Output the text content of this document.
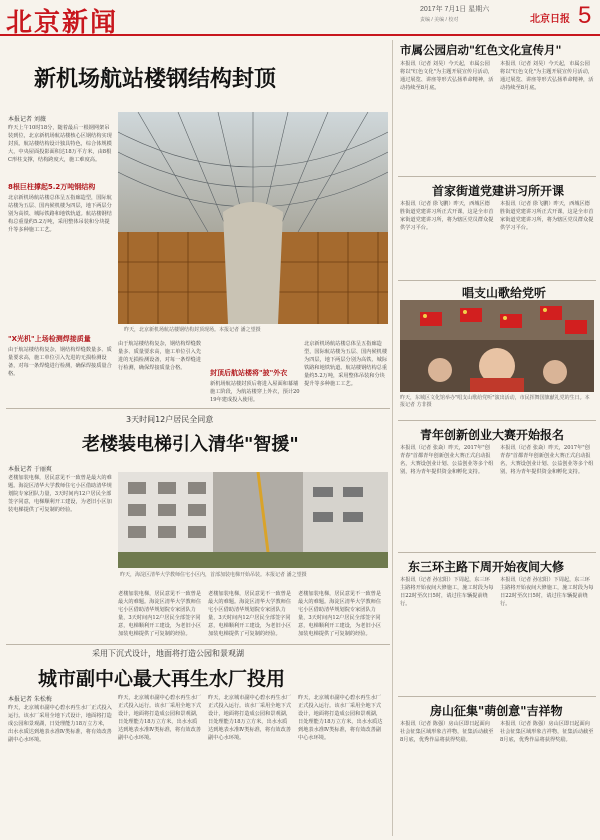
北京新闻	2017年 7月1日 星期六
责编 / 美编 / 校对	北京日报 5
新机场航站楼钢结构封顶
本报记者 刘薇
昨天上午10时18分，随着最后一根钢网架吊装到位，北京新机场航站楼核心区钢结构实现封顶。航站楼结构设计独具特色，综合体规模大，中央屋面投影面积达18万平方米，由8根C形柱支撑，结构跨度大，施工难度高。
8根巨柱撑起5.2万吨钢结构
北京新机场航站楼总体呈五指廊造型，国际航站楼为五层、国内候机楼为四层，地下两层分别为高铁、城际铁路和地铁轨道。航站楼钢结构总重量约5.2万吨，采用整体吊装和分块提升等多种施工工艺。
"X光机"上场检测焊接质量
由于航站楼结构复杂，钢结构焊缝数量多、质量要求高，施工单位引入先进的无损检测设备，对每一条焊缝进行检测，确保焊接质量合格。
昨天，北京新机场航站楼钢结构封顶现场。本报记者 潘之望摄
由于航站楼结构复杂，钢结构焊缝数量多、质量要求高，施工单位引入先进的无损检测设备，对每一条焊缝进行检测，确保焊接质量合格。
封顶后航站楼将"披"外衣
新机场航站楼封顶后将进入屋面和幕墙施工阶段，为航站楼穿上外衣，预计2019年建成投入使用。
北京新机场航站楼总体呈五指廊造型，国际航站楼为五层、国内候机楼为四层，地下两层分别为高铁、城际铁路和地铁轨道。航站楼钢结构总重量约5.2万吨，采用整体吊装和分块提升等多种施工工艺。
3天时间12户居民全同意
老楼装电梯引入清华"智援"
本报记者 于丽爽
老楼加装电梯，居民意见不一致曾是最大的难题。海淀区清华大学教师住宅小区借助清华规划院专家团队力量，3天时间内12户居民全部签字同意，电梯顺利开工建设，为老旧小区加装电梯提供了可复制的经验。
昨天，海淀区清华大学教师住宅小区内，首部加装电梯开始吊装。本报记者 潘之望摄
老楼加装电梯，居民意见不一致曾是最大的难题。海淀区清华大学教师住宅小区借助清华规划院专家团队力量，3天时间内12户居民全部签字同意，电梯顺利开工建设，为老旧小区加装电梯提供了可复制的经验。
老楼加装电梯，居民意见不一致曾是最大的难题。海淀区清华大学教师住宅小区借助清华规划院专家团队力量，3天时间内12户居民全部签字同意，电梯顺利开工建设，为老旧小区加装电梯提供了可复制的经验。
老楼加装电梯，居民意见不一致曾是最大的难题。海淀区清华大学教师住宅小区借助清华规划院专家团队力量，3天时间内12户居民全部签字同意，电梯顺利开工建设，为老旧小区加装电梯提供了可复制的经验。
采用下沉式设计，地面将打造公园和景观湖
城市副中心最大再生水厂投用
本报记者 朱松梅
昨天，北京城市副中心碧水再生水厂正式投入运行。该水厂采用全地下式设计，地面将打造成公园和景观湖，日处理能力18万立方米，出水水质达到地表水准Ⅳ类标准，将有效改善副中心水环境。
昨天，北京城市副中心碧水再生水厂正式投入运行。该水厂采用全地下式设计，地面将打造成公园和景观湖，日处理能力18万立方米，出水水质达到地表水准Ⅳ类标准，将有效改善副中心水环境。
昨天，北京城市副中心碧水再生水厂正式投入运行。该水厂采用全地下式设计，地面将打造成公园和景观湖，日处理能力18万立方米，出水水质达到地表水准Ⅳ类标准，将有效改善副中心水环境。
昨天，北京城市副中心碧水再生水厂正式投入运行。该水厂采用全地下式设计，地面将打造成公园和景观湖，日处理能力18万立方米，出水水质达到地表水准Ⅳ类标准，将有效改善副中心水环境。
市属公园启动"红色文化宣传月"
本报讯（记者 刘昊）今天起，市属公园将以"红色文化"为主题开展宣传月活动，通过展览、讲座等形式弘扬革命精神，活动持续至8月底。
本报讯（记者 刘昊）今天起，市属公园将以"红色文化"为主题开展宣传月活动，通过展览、讲座等形式弘扬革命精神，活动持续至8月底。
首家街道党建讲习所开课
本报讯（记者 徐飞鹏）昨天，西城区德胜街道党建讲习所正式开课，这是全市首家街道党建讲习所，将为辖区党员群众提供学习平台。
本报讯（记者 徐飞鹏）昨天，西城区德胜街道党建讲习所正式开课，这是全市首家街道党建讲习所，将为辖区党员群众提供学习平台。
唱支山歌给党听
昨天，东城区文化馆举办"唱支山歌给党听"演出活动，市民挥舞国旗献礼党的生日。本报记者 方非摄
青年创新创业大赛开始报名
本报讯（记者 张焱）昨天，2017年"创青春"首都青年创新创业大赛正式启动报名，大赛设创业计划、公益创业等多个组别，将为青年提供资金和孵化支持。
本报讯（记者 张焱）昨天，2017年"创青春"首都青年创新创业大赛正式启动报名，大赛设创业计划、公益创业等多个组别，将为青年提供资金和孵化支持。
东三环主路下周开始夜间大修
本报讯（记者 孙宏阳）下周起，东三环主路将开始夜间大修施工，施工时段为每日22时至次日5时，请过往车辆提前绕行。
本报讯（记者 孙宏阳）下周起，东三环主路将开始夜间大修施工，施工时段为每日22时至次日5时，请过往车辆提前绕行。
房山征集"萌创意"吉祥物
本报讯（记者 陈强）房山区即日起面向社会征集区域形象吉祥物，征集活动截至8月底，优秀作品将获得奖励。
本报讯（记者 陈强）房山区即日起面向社会征集区域形象吉祥物，征集活动截至8月底，优秀作品将获得奖励。
